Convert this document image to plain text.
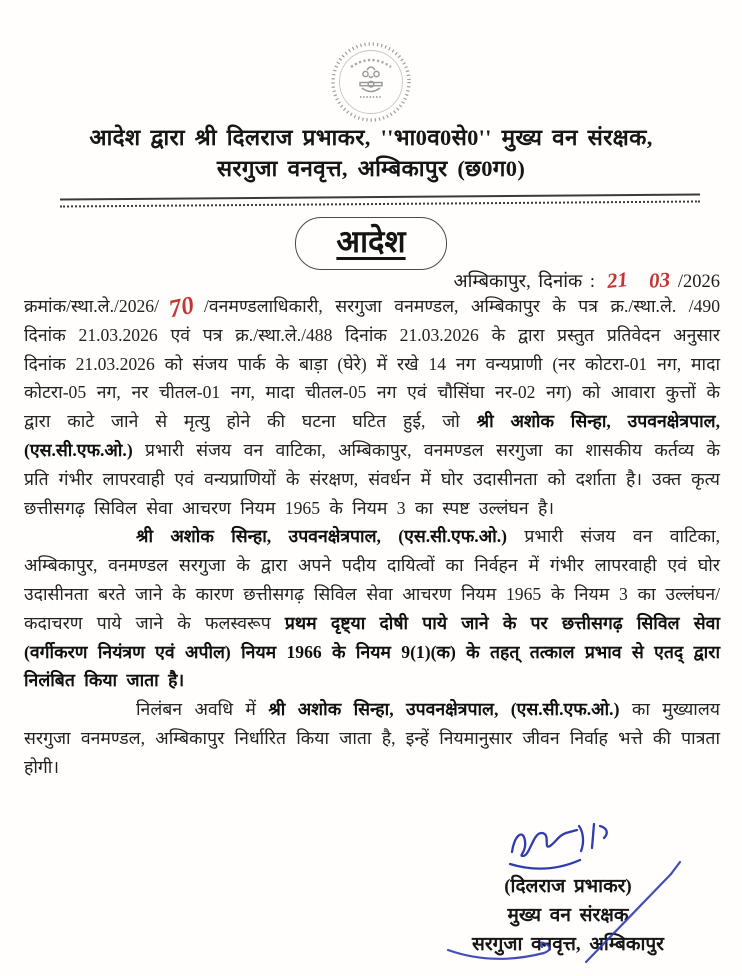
आदेश द्वारा श्री दिलराज प्रभाकर, ''भा0व0से0'' मुख्य वन संरक्षक,
सरगुजा वनवृत्त, अम्बिकापुर (छ0ग0)
आदेश
अम्बिकापुर, दिनांक : 21 03 /2026

क्रमांक/स्था.ले./2026/ 70 /वनमण्डलाधिकारी, सरगुजा वनमण्डल, अम्बिकापुर के पत्र क्र./स्था.ले. /490 दिनांक 21.03.2026 एवं पत्र क्र./स्था.ले./488 दिनांक 21.03.2026 के द्वारा प्रस्तुत प्रतिवेदन अनुसार दिनांक 21.03.2026 को संजय पार्क के बाड़ा (घेरे) में रखे 14 नग वन्यप्राणी (नर कोटरा-01 नग, मादा कोटरा-05 नग, नर चीतल-01 नग, मादा चीतल-05 नग एवं चौसिंघा नर-02 नग) को आवारा कुत्तों के द्वारा काटे जाने से मृत्यु होने की घटना घटित हुई, जो श्री अशोक सिन्हा, उपवनक्षेत्रपाल, (एस.सी.एफ.ओ.) प्रभारी संजय वन वाटिका, अम्बिकापुर, वनमण्डल सरगुजा का शासकीय कर्तव्य के प्रति गंभीर लापरवाही एवं वन्यप्राणियों के संरक्षण, संवर्धन में घोर उदासीनता को दर्शाता है। उक्त कृत्य छत्तीसगढ़ सिविल सेवा आचरण नियम 1965 के नियम 3 का स्पष्ट उल्लंघन है।

श्री अशोक सिन्हा, उपवनक्षेत्रपाल, (एस.सी.एफ.ओ.) प्रभारी संजय वन वाटिका, अम्बिकापुर, वनमण्डल सरगुजा के द्वारा अपने पदीय दायित्वों का निर्वहन में गंभीर लापरवाही एवं घोर उदासीनता बरते जाने के कारण छत्तीसगढ़ सिविल सेवा आचरण नियम 1965 के नियम 3 का उल्लंघन/कदाचरण पाये जाने के फलस्वरूप प्रथम दृष्ट्या दोषी पाये जाने के पर छत्तीसगढ़ सिविल सेवा (वर्गीकरण नियंत्रण एवं अपील) नियम 1966 के नियम 9(1)(क) के तहत् तत्काल प्रभाव से एतद् द्वारा निलंबित किया जाता है।

निलंबन अवधि में श्री अशोक सिन्हा, उपवनक्षेत्रपाल, (एस.सी.एफ.ओ.) का मुख्यालय सरगुजा वनमण्डल, अम्बिकापुर निर्धारित किया जाता है, इन्हें नियमानुसार जीवन निर्वाह भत्ते की पात्रता होगी।

(दिलराज प्रभाकर)
मुख्य वन संरक्षक
सरगुजा वनवृत्त, अम्बिकापुर
